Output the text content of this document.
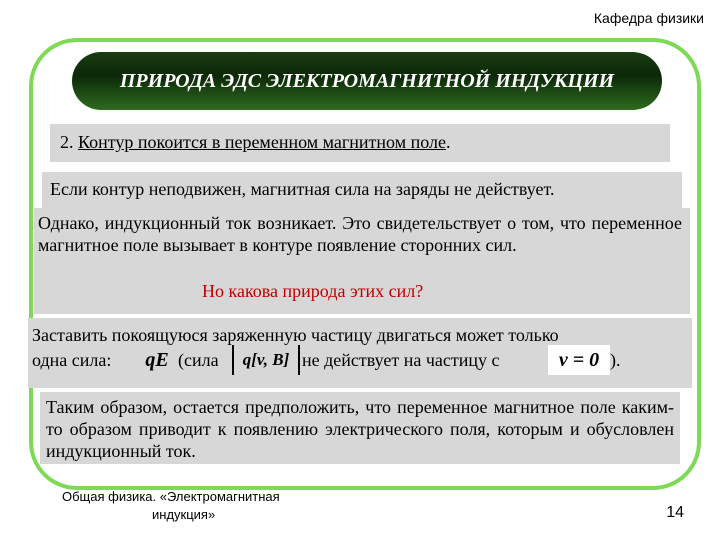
Кафедра физики
ПРИРОДА ЭДС ЭЛЕКТРОМАГНИТНОЙ ИНДУКЦИИ
2. Контур покоится в переменном магнитном поле.
Если контур неподвижен, магнитная сила на заряды не действует.
Однако, индукционный ток возникает. Это свидетельствует о том, что переменное магнитное поле вызывает в контуре появление сторонних сил.
Но какова природа этих сил?
Заставить покоящуюся заряженную частицу двигаться может только
одна сила: qE (сила q[v, B] не действует на частицу с	v = 0 ).
Таким образом, остается предположить, что переменное магнитное поле каким-то образом приводит к появлению электрического поля, которым и обусловлен индукционный ток.
Общая физика. «Электромагнитная
индукция»	14
